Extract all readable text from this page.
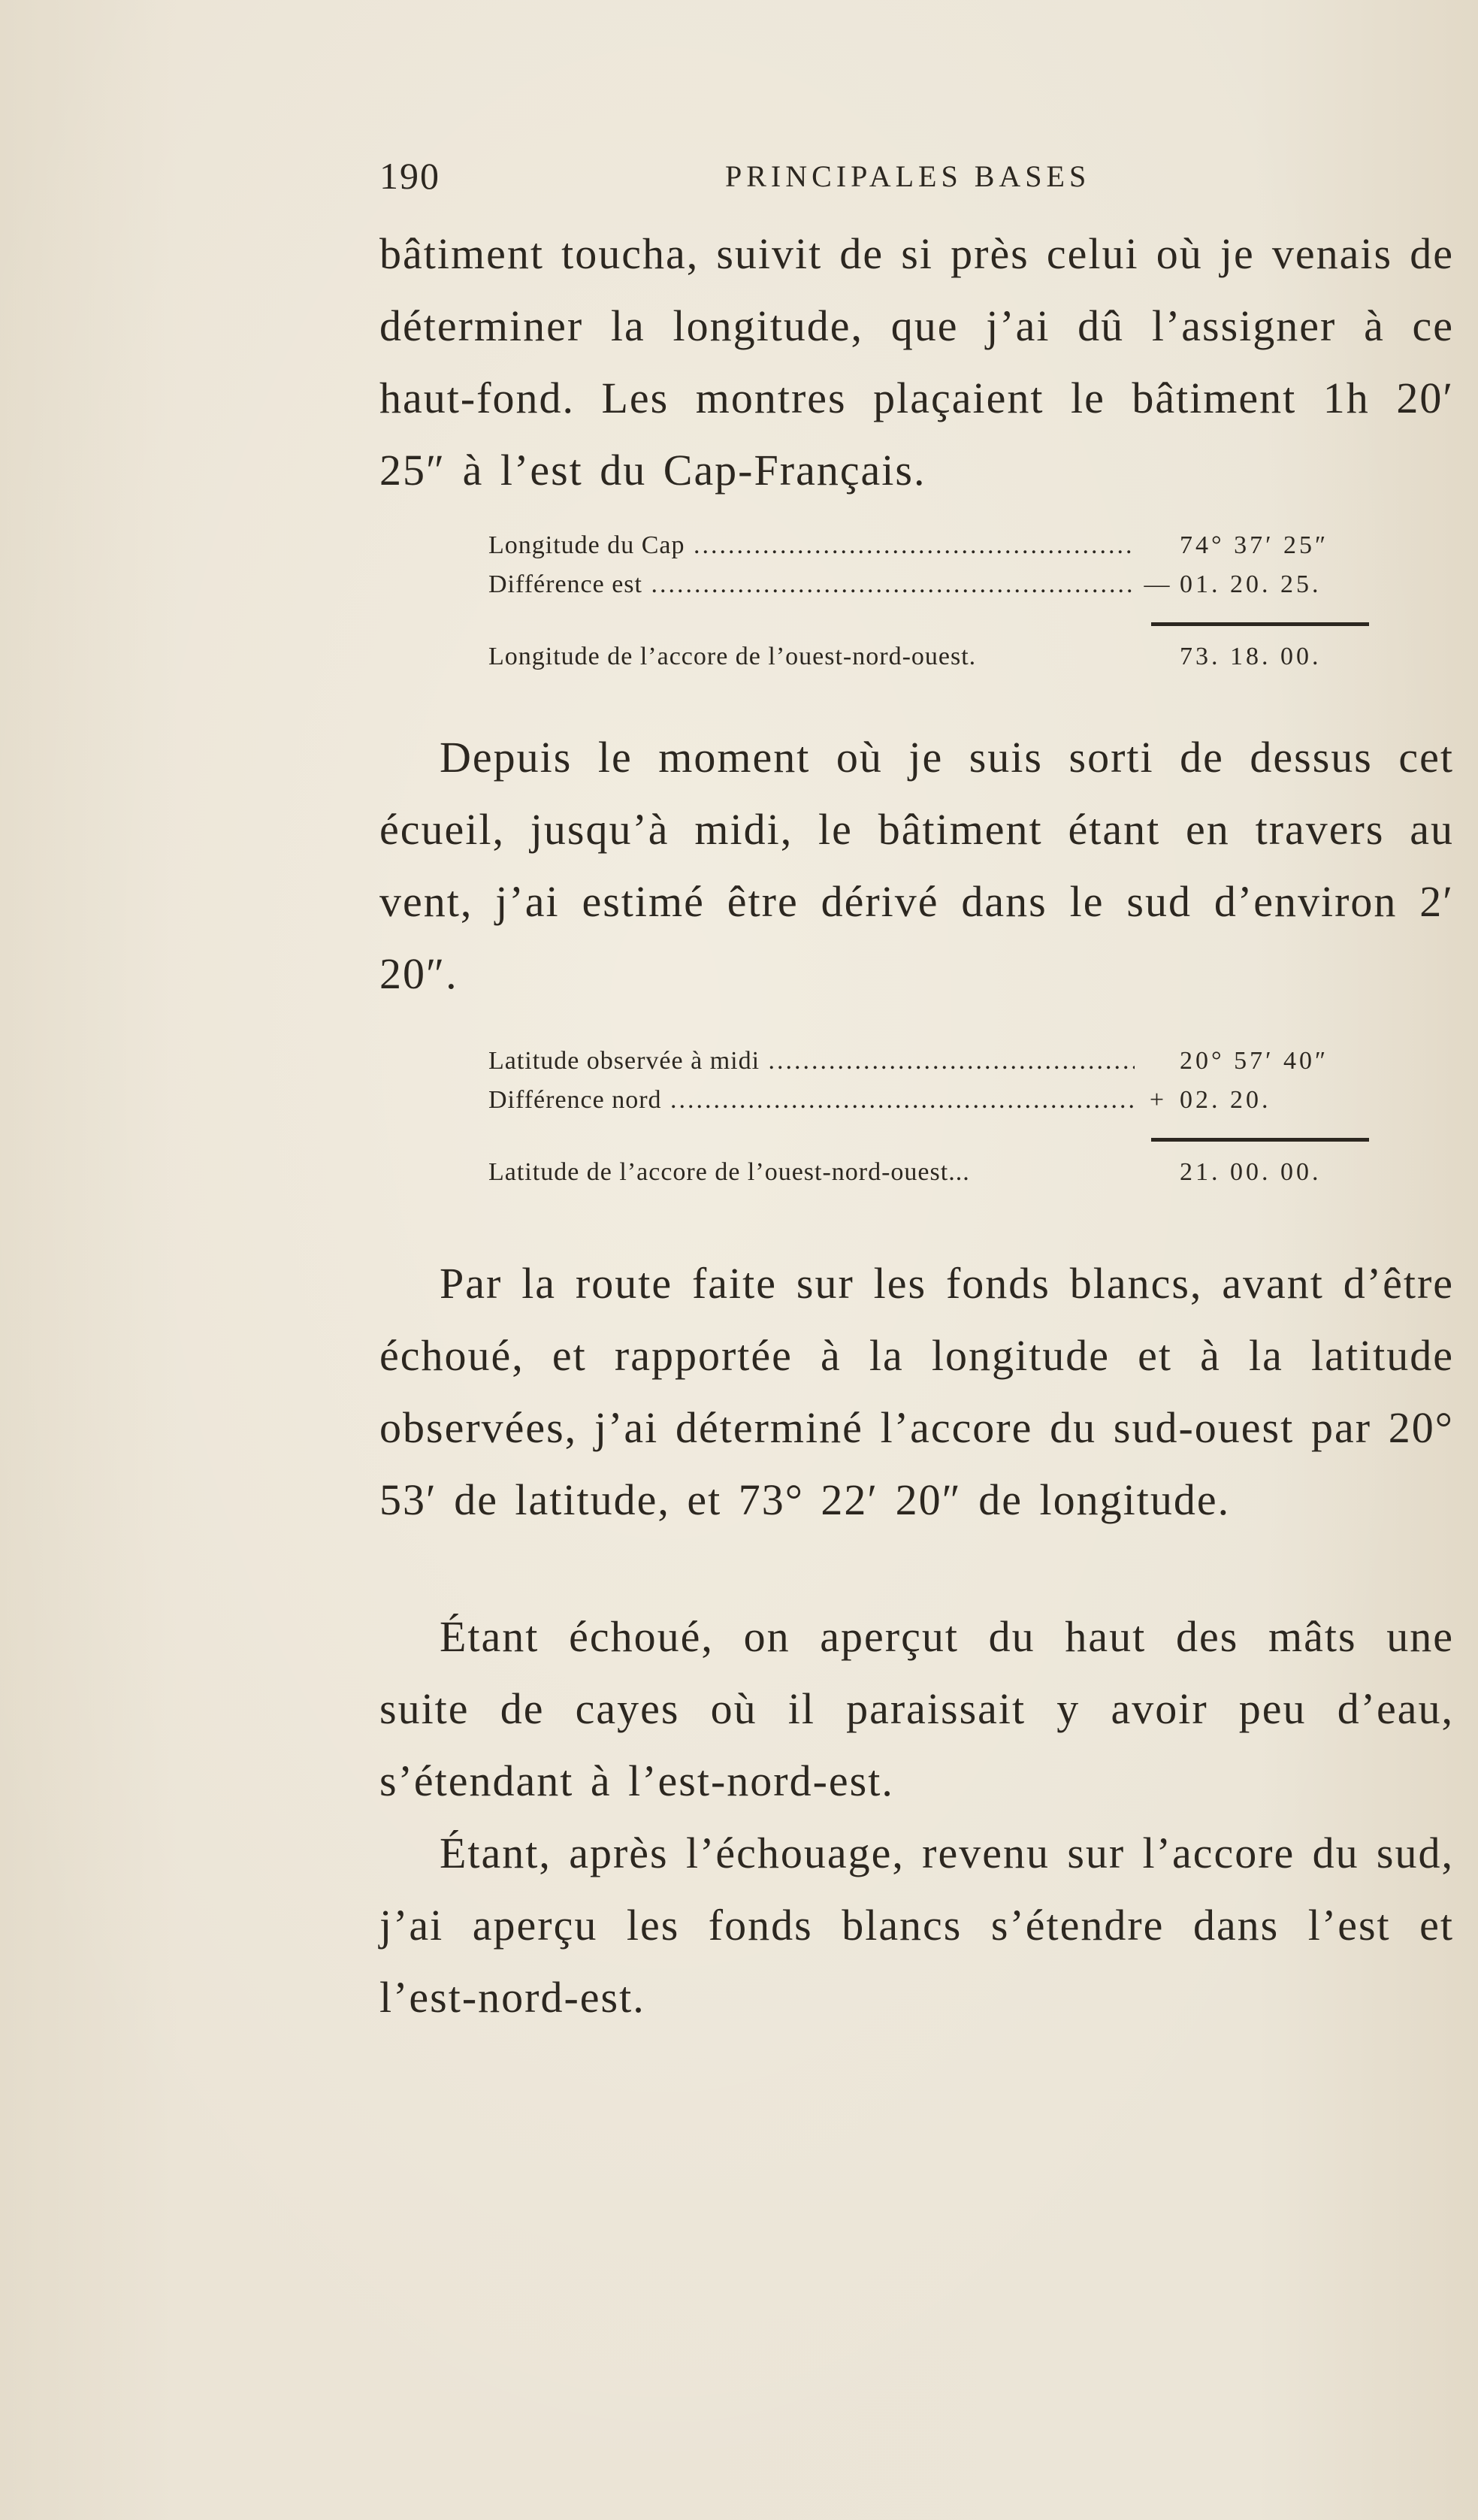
190	PRINCIPALES BASES

bâtiment toucha, suivit de si près celui où je venais de déterminer la longitude, que j’ai dû l’assigner à ce haut-fond. Les montres plaçaient le bâtiment 1h 20′ 25″ à l’est du Cap-Français.

Longitude du Cap .....	74° 37′ 25″
Différence est .....	— 01. 20. 25.
Longitude de l’accore de l’ouest-nord-ouest.	73. 18. 00.

Depuis le moment où je suis sorti de dessus cet écueil, jusqu’à midi, le bâtiment étant en travers au vent, j’ai estimé être dérivé dans le sud d’environ 2′ 20″.

Latitude observée à midi .....	20° 57′ 40″
Différence nord .....	+ 02. 20.
Latitude de l’accore de l’ouest-nord-ouest...	21. 00. 00.

Par la route faite sur les fonds blancs, avant d’être échoué, et rapportée à la longitude et à la latitude observées, j’ai déterminé l’accore du sud-ouest par 20° 53′ de latitude, et 73° 22′ 20″ de longitude.

Étant échoué, on aperçut du haut des mâts une suite de cayes où il paraissait y avoir peu d’eau, s’étendant à l’est-nord-est.

Étant, après l’échouage, revenu sur l’accore du sud, j’ai aperçu les fonds blancs s’étendre dans l’est et l’est-nord-est.
